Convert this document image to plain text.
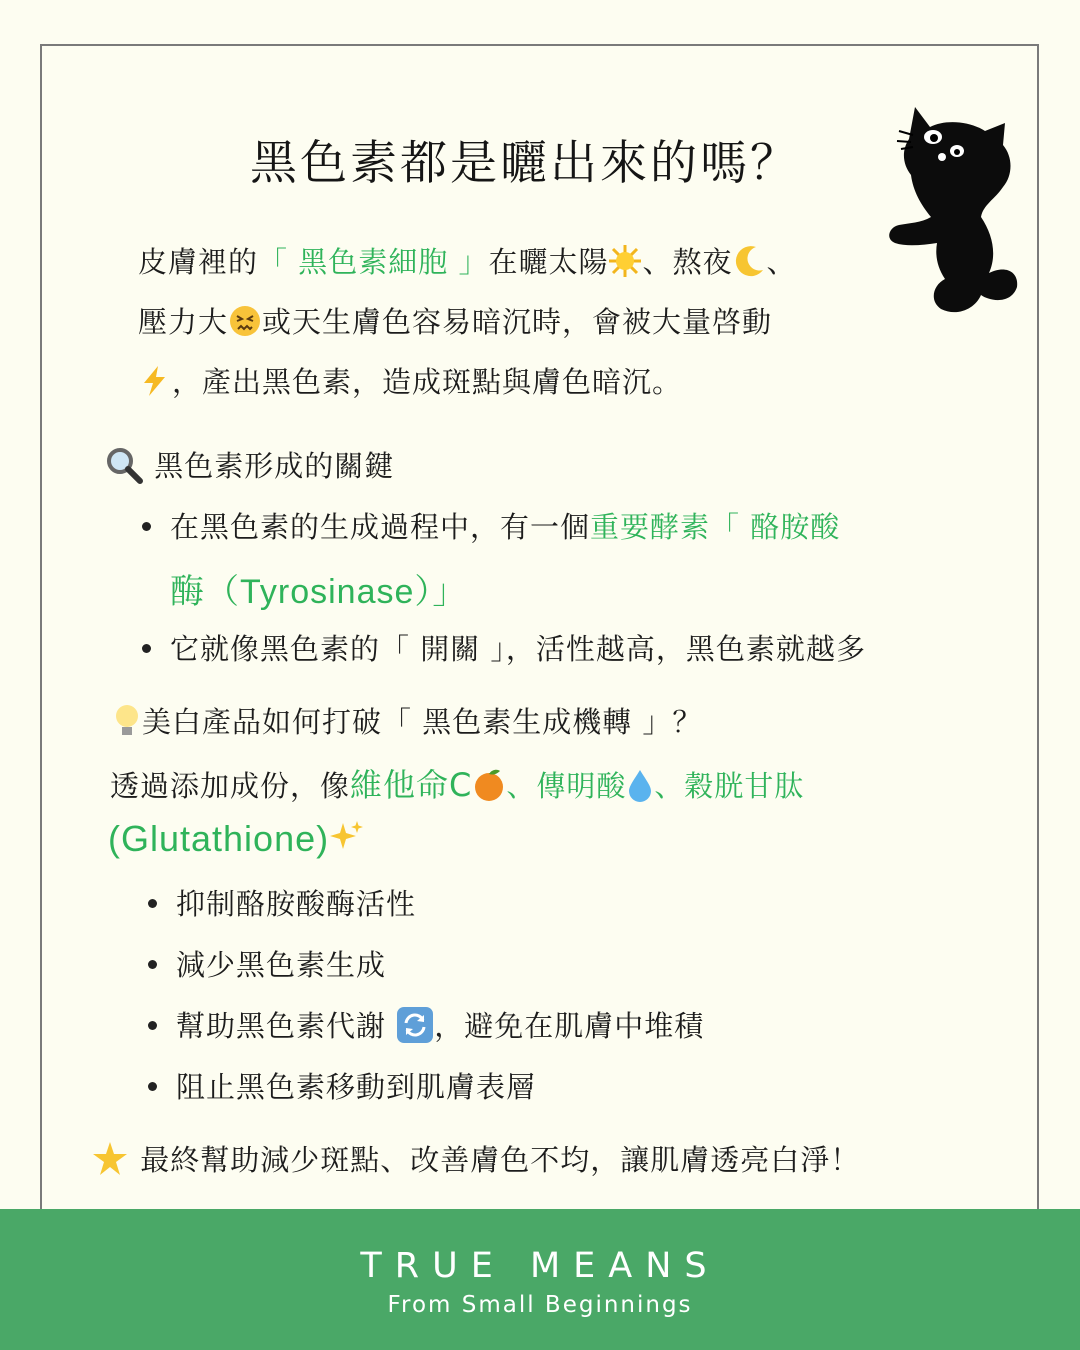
黑色素都是曬出來的嗎？
皮膚裡的「 黑色素細胞 」在曬太陽 、熬夜 、
壓力大 或天生膚色容易暗沉時，會被大量啓動
，產出黑色素，造成斑點與膚色暗沉。
黑色素形成的關鍵
在黑色素的生成過程中，有一個重要酵素「 酪胺酸
酶（Tyrosinase）」
它就像黑色素的「 開關 」，活性越高，黑色素就越多
美白產品如何打破「 黑色素生成機轉 」？
透過添加成份，像維他命C 、傳明酸 、穀胱甘肽
(Glutathione)
抑制酪胺酸酶活性
減少黑色素生成
幫助黑色素代謝 ，避免在肌膚中堆積
阻止黑色素移動到肌膚表層
最終幫助減少斑點、改善膚色不均，讓肌膚透亮白淨！
TRUE MEANS
From Small Beginnings
